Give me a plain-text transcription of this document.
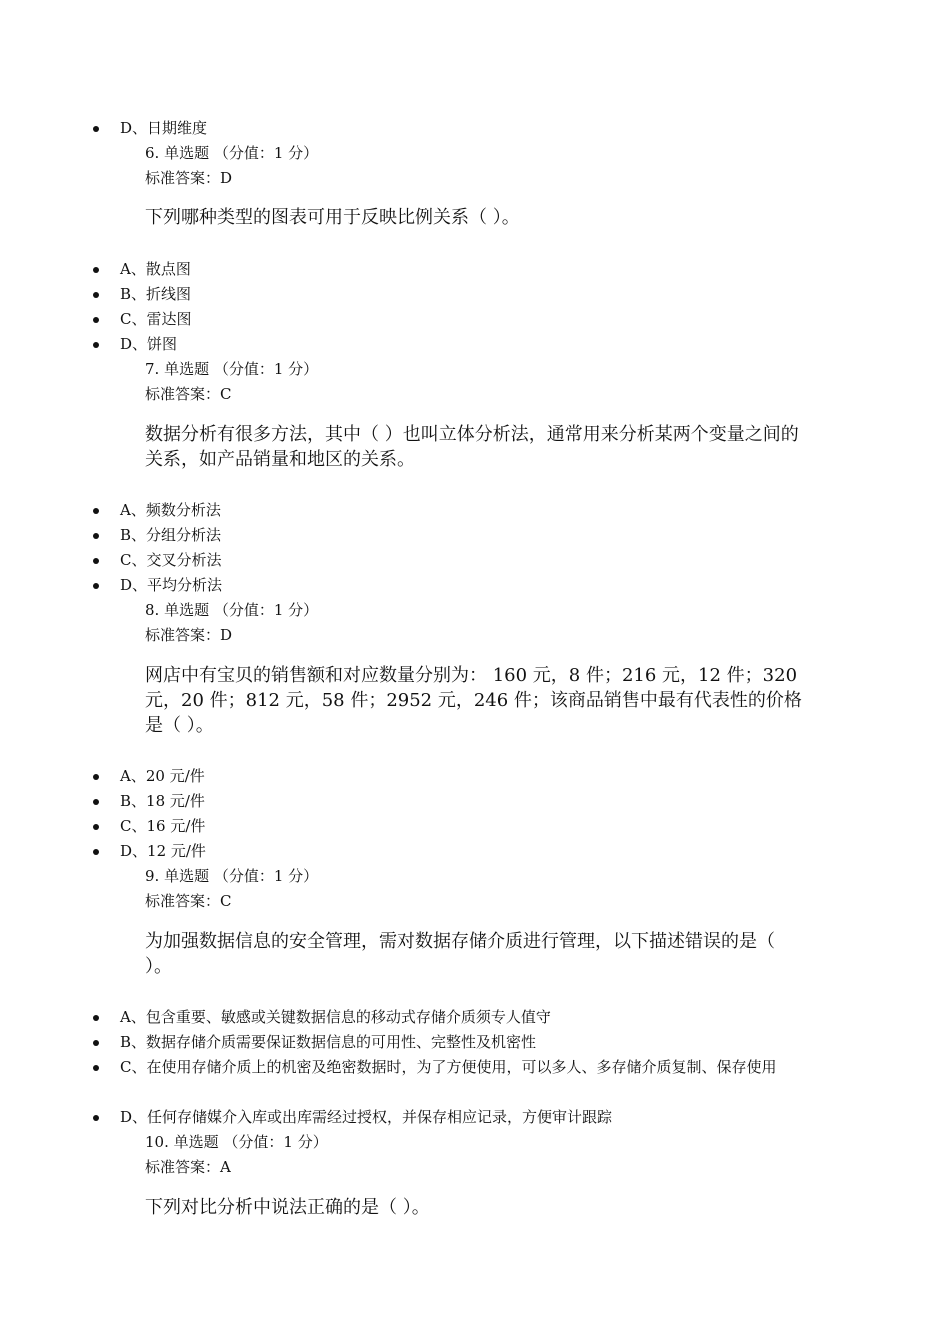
D、日期维度
6. 单选题 （分值：1 分）
标准答案：D
下列哪种类型的图表可用于反映比例关系（ ）。
A、散点图
B、折线图
C、雷达图
D、饼图
7. 单选题 （分值：1 分）
标准答案：C
数据分析有很多方法，其中（ ）也叫立体分析法，通常用来分析某两个变量之间的关系，如产品销量和地区的关系。
A、频数分析法
B、分组分析法
C、交叉分析法
D、平均分析法
8. 单选题 （分值：1 分）
标准答案：D
网店中有宝贝的销售额和对应数量分别为： 160 元，8 件；216 元，12 件；320 元，20 件；812 元，58 件；2952 元，246 件；该商品销售中最有代表性的价格是（ ）。
A、20 元/件
B、18 元/件
C、16 元/件
D、12 元/件
9. 单选题 （分值：1 分）
标准答案：C
为加强数据信息的安全管理，需对数据存储介质进行管理，以下描述错误的是（ ）。
A、包含重要、敏感或关键数据信息的移动式存储介质须专人值守
B、数据存储介质需要保证数据信息的可用性、完整性及机密性
C、在使用存储介质上的机密及绝密数据时，为了方便使用，可以多人、多存储介质复制、保存使用
D、任何存储媒介入库或出库需经过授权，并保存相应记录，方便审计跟踪
10. 单选题 （分值：1 分）
标准答案：A
下列对比分析中说法正确的是（ ）。
